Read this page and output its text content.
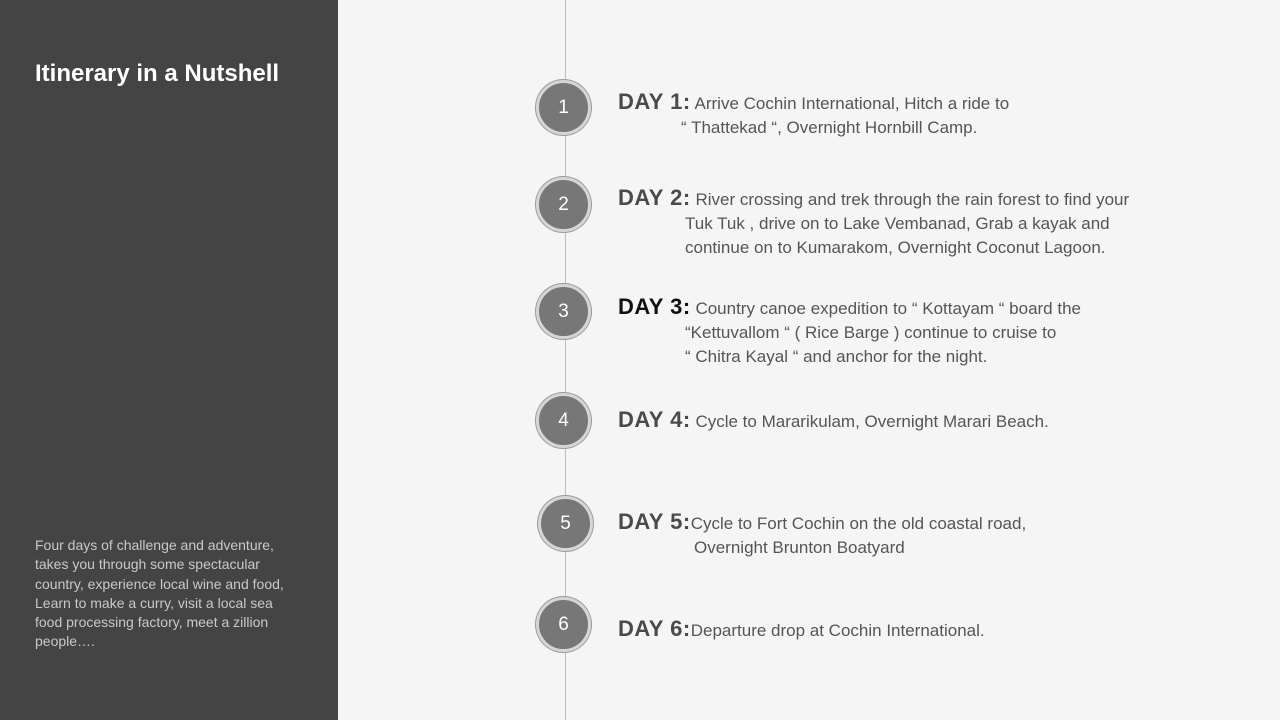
Itinerary in a Nutshell

Four days of challenge and adventure, takes you through some spectacular country, experience local wine and food, Learn to make a curry, visit a local sea food processing factory, meet a zillion people….

1 DAY 1: Arrive Cochin International, Hitch a ride to
“ Thattekad “, Overnight Hornbill Camp.
2 DAY 2: River crossing and trek through the rain forest to find your
Tuk Tuk , drive on to Lake Vembanad, Grab a kayak and
continue on to Kumarakom, Overnight Coconut Lagoon.
3 DAY 3: Country canoe expedition to “ Kottayam “ board the
“Kettuvallom “ ( Rice Barge ) continue to cruise to
“ Chitra Kayal “ and anchor for the night.
4 DAY 4: Cycle to Mararikulam, Overnight Marari Beach.
5 DAY 5:Cycle to Fort Cochin on the old coastal road,
Overnight Brunton Boatyard
6 DAY 6:Departure drop at Cochin International.
